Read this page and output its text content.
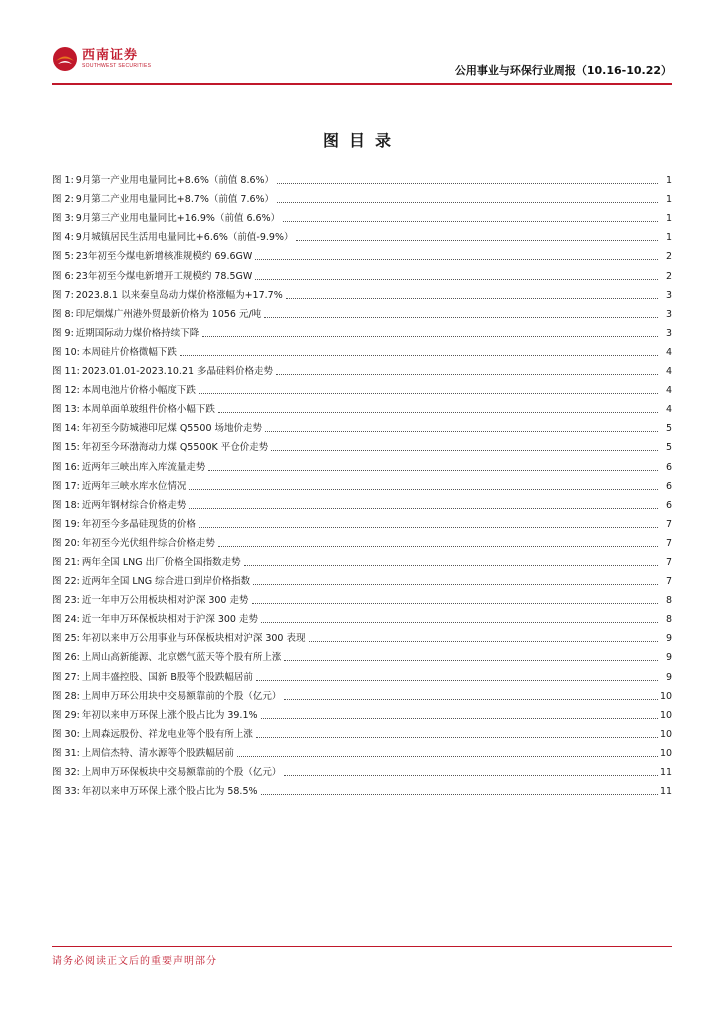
西南证券
SOUTHWEST SECURITIES	公用事业与环保行业周报（10.16-10.22）
图目录
图 1: 9月第一产业用电量同比+8.6%（前值 8.6%）	1
图 2: 9月第二产业用电量同比+8.7%（前值 7.6%）	1
图 3: 9月第三产业用电量同比+16.9%（前值 6.6%）	1
图 4: 9月城镇居民生活用电量同比+6.6%（前值-9.9%）	1
图 5: 23年初至今煤电新增核准规模约 69.6GW	2
图 6: 23年初至今煤电新增开工规模约 78.5GW	2
图 7: 2023.8.1 以来秦皇岛动力煤价格涨幅为+17.7%	3
图 8: 印尼烟煤广州港外贸最新价格为 1056 元/吨	3
图 9: 近期国际动力煤价格持续下降	3
图 10: 本周硅片价格微幅下跌	4
图 11: 2023.01.01-2023.10.21 多晶硅料价格走势	4
图 12: 本周电池片价格小幅度下跌	4
图 13: 本周单面单玻组件价格小幅下跌	4
图 14: 年初至今防城港印尼煤 Q5500 场地价走势	5
图 15: 年初至今环渤海动力煤 Q5500K 平仓价走势	5
图 16: 近两年三峡出库入库流量走势	6
图 17: 近两年三峡水库水位情况	6
图 18: 近两年钢材综合价格走势	6
图 19: 年初至今多晶硅现货的价格	7
图 20: 年初至今光伏组件综合价格走势	7
图 21: 两年全国 LNG 出厂价格全国指数走势	7
图 22: 近两年全国 LNG 综合进口到岸价格指数	7
图 23: 近一年申万公用板块相对沪深 300 走势	8
图 24: 近一年申万环保板块相对于沪深 300 走势	8
图 25: 年初以来申万公用事业与环保板块相对沪深 300 表现	9
图 26: 上周山高新能源、北京燃气蓝天等个股有所上涨	9
图 27: 上周丰盛控股、国新 B股等个股跌幅居前	9
图 28: 上周申万环公用块中交易额靠前的个股（亿元）	10
图 29: 年初以来申万环保上涨个股占比为 39.1%	10
图 30: 上周森远股份、祥龙电业等个股有所上涨	10
图 31: 上周信杰特、清水源等个股跌幅居前	10
图 32: 上周申万环保板块中交易额靠前的个股（亿元）	11
图 33: 年初以来申万环保上涨个股占比为 58.5%	11
请务必阅读正文后的重要声明部分
